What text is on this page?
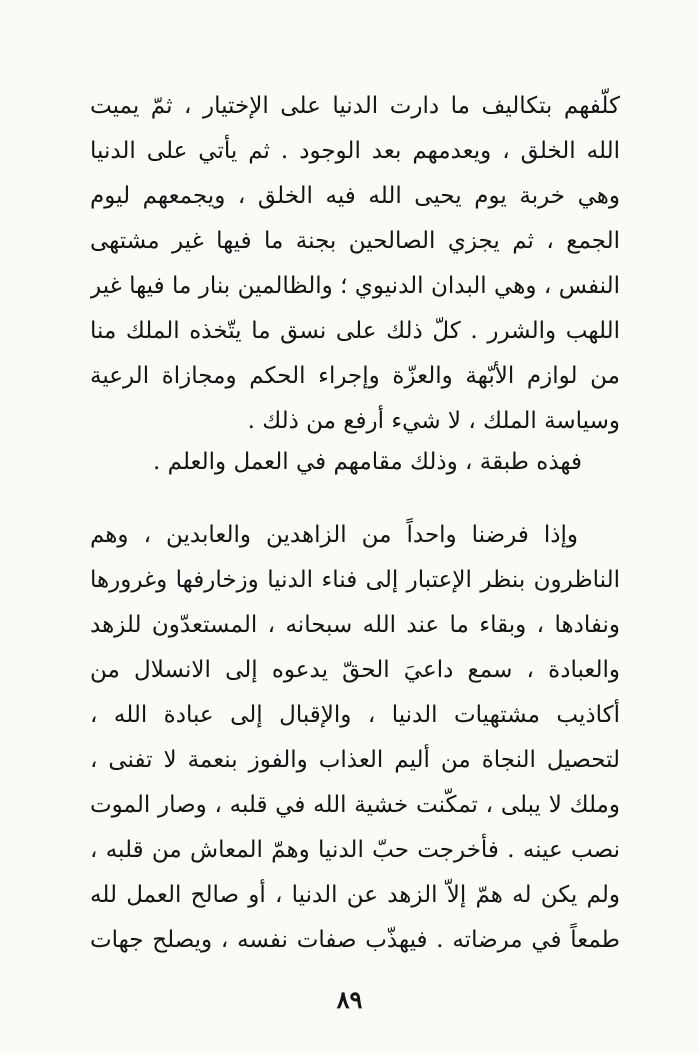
كلّفهم بتكاليف ما دارت الدنيا على الإختيار ، ثمّ يميت
الله الخلق ، ويعدمهم بعد الوجود . ثم يأتي على الدنيا
وهي خربة يوم يحيى الله فيه الخلق ، ويجمعهم ليوم
الجمع ، ثم يجزي الصالحين بجنة ما فيها غير مشتهى
النفس ، وهي البدان الدنيوي ؛ والظالمين بنار ما فيها غير
اللهب والشرر . كلّ ذلك على نسق ما يتّخذه الملك منا
من لوازم الأبّهة والعزّة وإجراء الحكم ومجازاة الرعية
وسياسة الملك ، لا شيء أرفع من ذلك .

فهذه طبقة ، وذلك مقامهم في العمل والعلم .

وإذا فرضنا واحداً من الزاهدين والعابدين ، وهم
الناظرون بنظر الإعتبار إلى فناء الدنيا وزخارفها وغرورها
ونفادها ، وبقاء ما عند الله سبحانه ، المستعدّون للزهد
والعبادة ، سمع داعيَ الحقّ يدعوه إلى الانسلال من
أكاذيب مشتهيات الدنيا ، والإقبال إلى عبادة الله ،
لتحصيل النجاة من أليم العذاب والفوز بنعمة لا تفنى ،
وملك لا يبلى ، تمكّنت خشية الله في قلبه ، وصار الموت
نصب عينه . فأخرجت حبّ الدنيا وهمّ المعاش من قلبه ،
ولم يكن له همّ إلاّ الزهد عن الدنيا ، أو صالح العمل لله
طمعاً في مرضاته . فيهذّب صفات نفسه ، ويصلح جهات

٨٩
